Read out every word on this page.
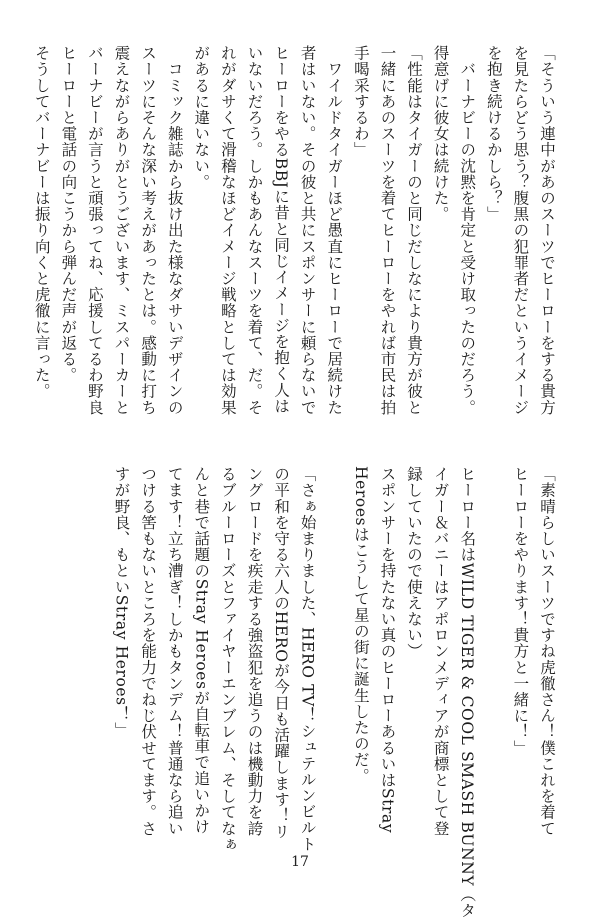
「そういう連中があのスーツでヒーローをする貴方
を見たらどう思う？腹黒の犯罪者だというイメージ
を抱き続けるかしら？」
　バーナビーの沈黙を肯定と受け取ったのだろう。
得意げに彼女は続けた。
「性能はタイガーのと同じだしなにより貴方が彼と
一緒にあのスーツを着てヒーローをやれば市民は拍
手喝采するわ」
　ワイルドタイガーほど愚直にヒーローで居続けた
者はいない。その彼と共にスポンサーに頼らないで
ヒーローをやるBBJに昔と同じイメージを抱く人は
いないだろう。しかもあんなスーツを着て、だ。そ
れがダサくて滑稽なほどイメージ戦略としては効果
があるに違いない。
　コミック雑誌から抜け出た様なダサいデザインの
スーツにそんな深い考えがあったとは。感動に打ち
震えながらありがとうございます、ミスパーカーと
バーナビーが言うと頑張ってね、応援してるわ野良
ヒーローと電話の向こうから弾んだ声が返る。
そうしてバーナビーは振り向くと虎徹に言った。
「素晴らしいスーツですね虎徹さん！僕これを着て
ヒーローをやります！貴方と一緒に！」
ヒーロー名はWILD TIGER & COOL SMASH BUNNY（タ
イガー＆バニーはアポロンメディアが商標として登
録していたので使えない）
スポンサーを持たない真のヒーローあるいはStray
Heroesはこうして星の街に誕生したのだ。
「さぁ始まりました、HERO TV！シュテルンビルト
の平和を守る六人のHEROが今日も活躍します！リ
ングロードを疾走する強盗犯を追うのは機動力を誇
るブルーローズとファイヤーエンブレム、そしてなぁ
んと巷で話題のStray Heroesが自転車で追いかけ
てます！立ち漕ぎ！しかもタンデム！普通なら追い
つける筈もないところを能力でねじ伏せてます。さ
すが野良、もといStray Heroes！」
17
